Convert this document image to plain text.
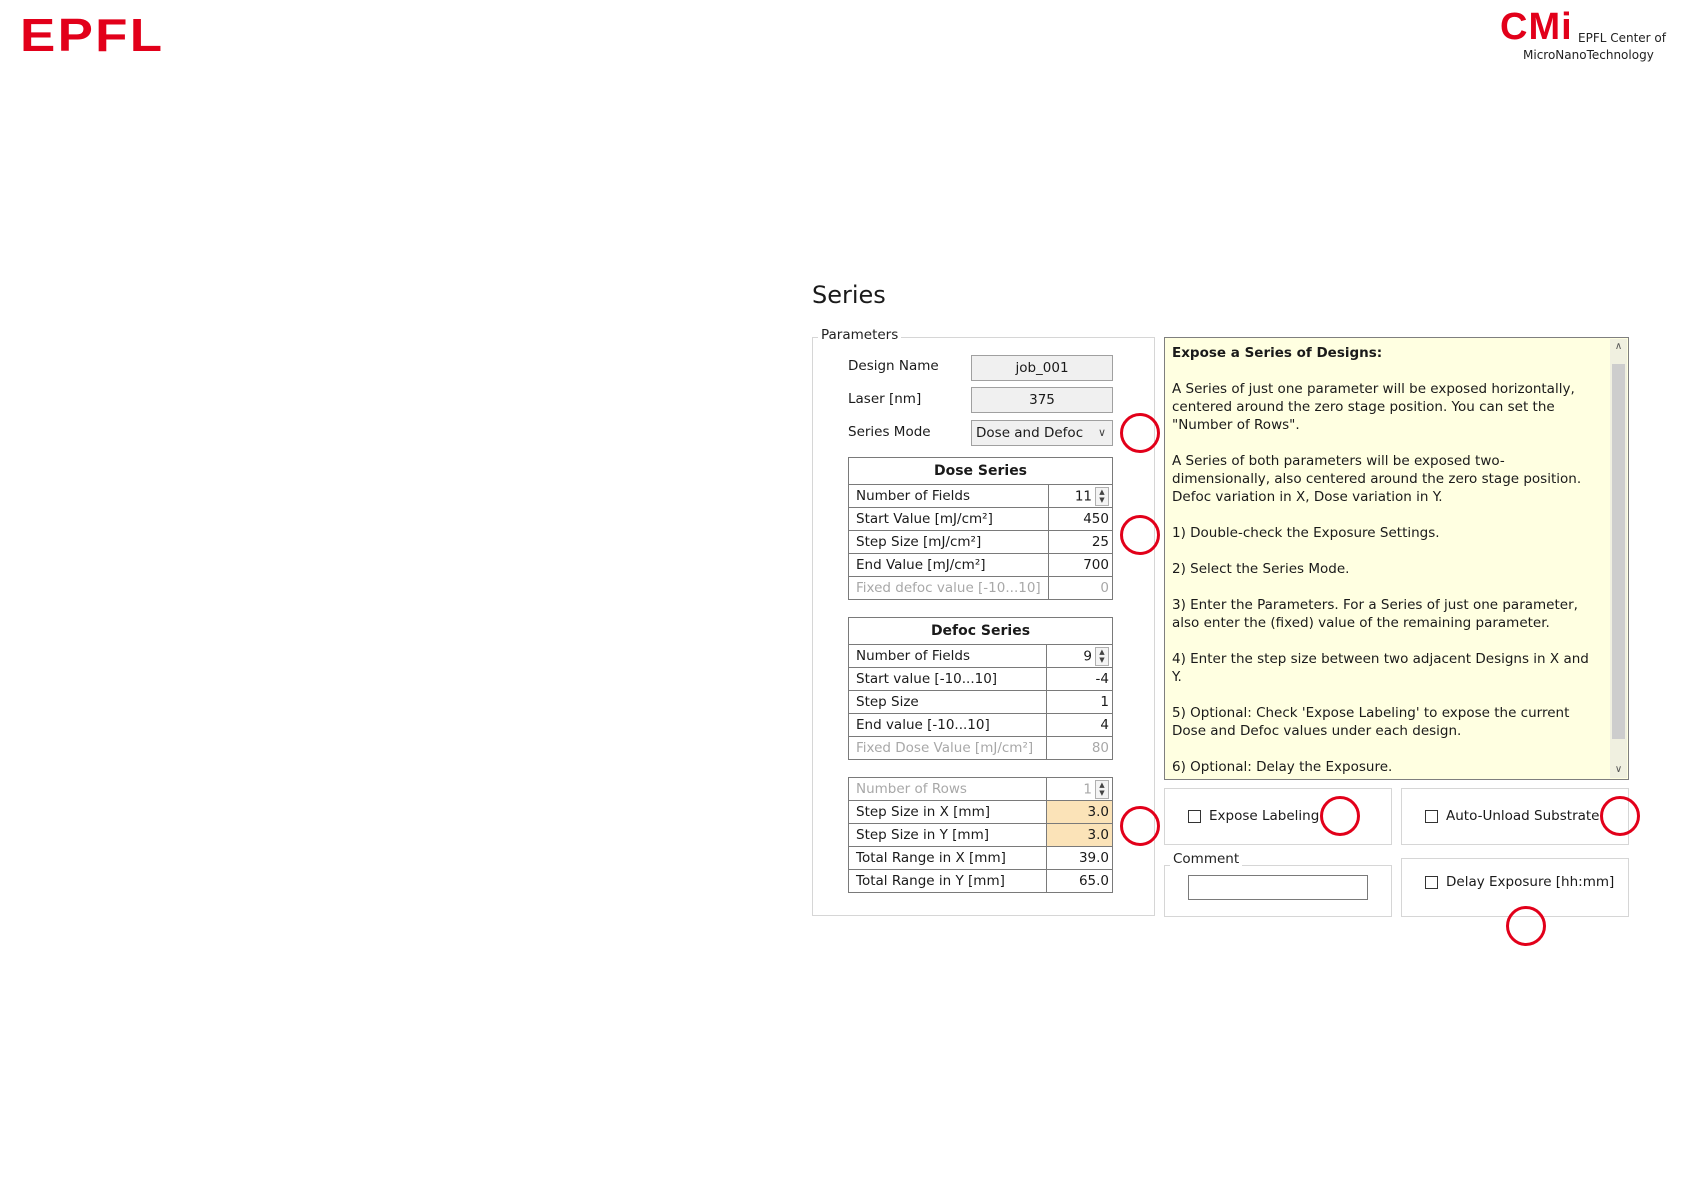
EPFL	CMi EPFL Center of
MicroNanoTechnology
Series
Parameters
Design Name	job_001
Laser [nm]	375
Series Mode	Dose and Defoc ∨
Dose Series	
Number of Fields	11 ▲
▼

Start Value [mJ/cm²]	450
Step Size [mJ/cm²]	25
End Value [mJ/cm²]	700
Fixed defoc value [-10...10]	0
Defoc Series	
Number of Fields	9 ▲
▼

Start value [-10...10]	-4
Step Size	1
End value [-10...10]	4
Fixed Dose Value [mJ/cm²]	80
Number of Rows	1 ▲
▼

Step Size in X [mm]	3.0
Step Size in Y [mm]	3.0
Total Range in X [mm]	39.0
Total Range in Y [mm]	65.0

Expose a Series of Designs:

A Series of just one parameter will be exposed horizontally, centered around the zero stage position. You can set the "Number of Rows".

A Series of both parameters will be exposed two-dimensionally, also centered around the zero stage position. Defoc variation in X, Dose variation in Y.

1) Double-check the Exposure Settings.

2) Select the Series Mode.

3) Enter the Parameters. For a Series of just one parameter, also enter the (fixed) value of the remaining parameter.

4) Enter the step size between two adjacent Designs in X and Y.

5) Optional: Check 'Expose Labeling' to expose the current Dose and Defoc values under each design.

6) Optional: Delay the Exposure.

∧
∨
Expose Labeling	Auto-Unload Substrate
Comment
Delay Exposure [hh:mm]
